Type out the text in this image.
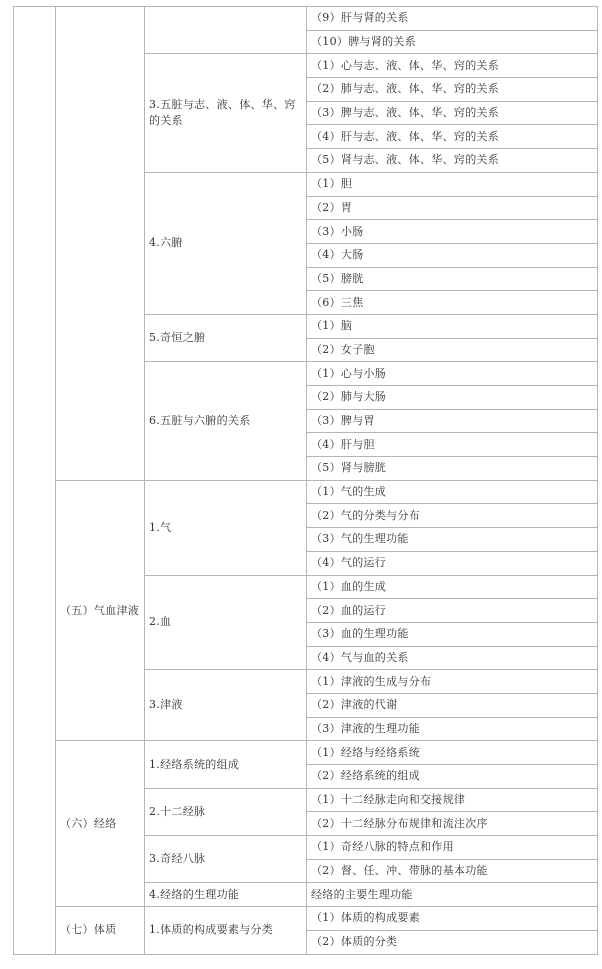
			（9）肝与肾的关系
			（10）脾与肾的关系
		3.五脏与志、液、体、华、窍的关系	（1）心与志、液、体、华、窍的关系
			（2）肺与志、液、体、华、窍的关系
			（3）脾与志、液、体、华、窍的关系
			（4）肝与志、液、体、华、窍的关系
			（5）肾与志、液、体、华、窍的关系
		4.六腑	（1）胆
			（2）胃
			（3）小肠
			（4）大肠
			（5）膀胱
			（6）三焦
		5.奇恒之腑	（1）脑
			（2）女子胞
		6.五脏与六腑的关系	（1）心与小肠
			（2）肺与大肠
			（3）脾与胃
			（4）肝与胆
			（5）肾与膀胱
	（五）气血津液	1.气	（1）气的生成
			（2）气的分类与分布
			（3）气的生理功能
			（4）气的运行
		2.血	（1）血的生成
			（2）血的运行
			（3）血的生理功能
			（4）气与血的关系
		3.津液	（1）津液的生成与分布
			（2）津液的代谢
			（3）津液的生理功能
	（六）经络	1.经络系统的组成	（1）经络与经络系统
			（2）经络系统的组成
		2.十二经脉	（1）十二经脉走向和交接规律
			（2）十二经脉分布规律和流注次序
		3.奇经八脉	（1）奇经八脉的特点和作用
			（2）督、任、冲、带脉的基本功能
		4.经络的生理功能	经络的主要生理功能
	（七）体质	1.体质的构成要素与分类	（1）体质的构成要素
			（2）体质的分类
